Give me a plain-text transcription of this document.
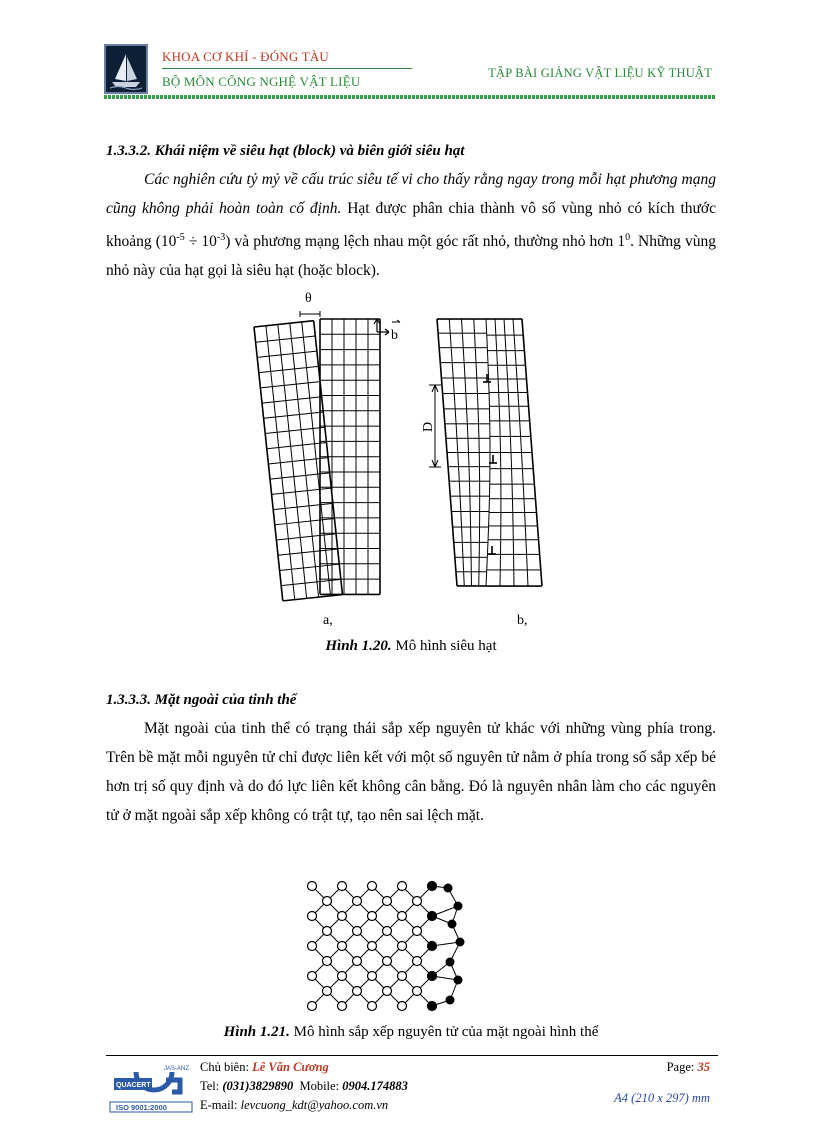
KHOA CƠ KHÍ - ĐÓNG TÀU
BỘ MÔN CÔNG NGHỆ VẬT LIỆU
TẬP BÀI GIẢNG VẬT LIỆU KỸ THUẬT
1.3.3.2. Khái niệm về siêu hạt (block) và biên giới siêu hạt

Các nghiên cứu tỷ mỷ về cấu trúc siêu tế vi cho thấy rằng ngay trong mỗi hạt phương mạng cũng không phải hoàn toàn cố định. Hạt được phân chia thành vô số vùng nhỏ có kích thước khoảng $(10^{-5} \div 10^{-3})$ và phương mạng lệch nhau một góc rất nhỏ, thường nhỏ hơn $1^0$. Những vùng nhỏ này của hạt gọi là siêu hạt (hoặc block).

θ
b
D
a,	b,
Hình 1.20. Mô hình siêu hạt
1.3.3.3. Mặt ngoài của tinh thể

Mặt ngoài của tinh thể có trạng thái sắp xếp nguyên tử khác với những vùng phía trong. Trên bề mặt mỗi nguyên tử chỉ được liên kết với một số nguyên tử nằm ở phía trong số sắp xếp bé hơn trị số quy định và do đó lực liên kết không cân bằng. Đó là nguyên nhân làm cho các nguyên tử ở mặt ngoài sắp xếp không có trật tự, tạo nên sai lệch mặt.

Hình 1.21. Mô hình sắp xếp nguyên tử của mặt ngoài hình thể
JAS-ANZ
QUACERT
ISO 9001:2000
Chủ biên: Lê Văn Cương
Tel: (031)3829890  Mobile: 0904.174883
E-mail: levcuong_kdt@yahoo.com.vn
Page: 35
A4 (210 x 297) mm
